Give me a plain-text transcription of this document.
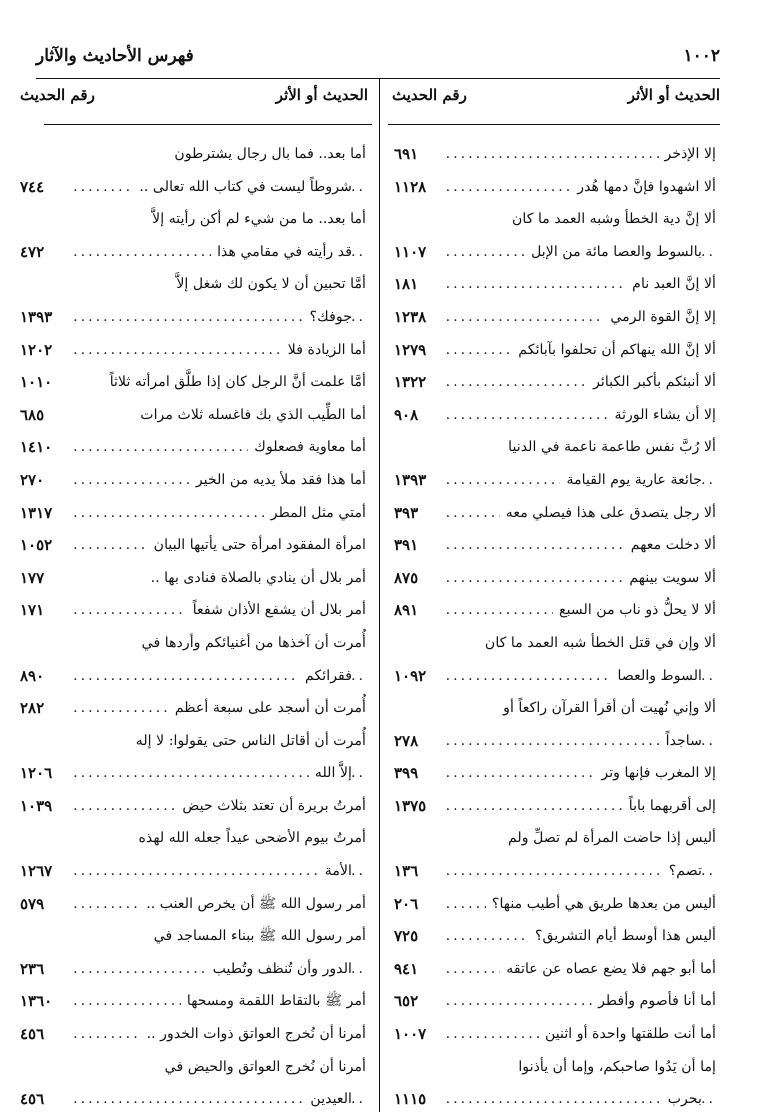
١٠٠٢
فهرس الأحاديث والآثار
الحديث أو الأثر
رقم الحديث
الحديث أو الأثر
رقم الحديث
.....
إلا الإذخر
٦٩١
.....
ألا اشهدوا فإنَّ دمها هُدر
١١٢٨
ألا إنَّ دية الخطأ وشبه العمد ما كان
.....
بالسوط والعصا مائة من الإبل
١١٠٧
.....
ألا إنَّ العبد نام
١٨١
.....
إلا إنَّ القوة الرمي
١٢٣٨
.....
ألا إنَّ الله ينهاكم أن تحلفوا بآبائكم
١٢٧٩
.....
ألا أنبئكم بأكبر الكبائر
١٣٢٢
.....
إلا أن يشاء الورثة
٩٠٨
ألا رُبَّ نفس طاعمة ناعمة في الدنيا
.....
جائعة عارية يوم القيامة
١٣٩٣
.....
ألا رجل يتصدق على هذا فيصلي معه
٣٩٣
.....
ألا دخلت معهم
٣٩١
.....
ألا سويت بينهم
٨٧٥
.....
ألا لا يحلُّ ذو ناب من السبع
٨٩١
ألا وإن في قتل الخطأ شبه العمد ما كان
.....
السوط والعصا
١٠٩٢
ألا وإني نُهيت أن أقرأ القرآن راكعاً أو
.....
ساجداً
٢٧٨
.....
إلا المغرب فإنها وتر
٣٩٩
.....
إلى أقربهما باباً
١٣٧٥
أليس إذا حاضت المرأة لم تصلِّ ولم
.....
تصم؟
١٣٦
.....
أليس من بعدها طريق هي أطيب منها؟
٢٠٦
.....
أليس هذا أوسط أيام التشريق؟
٧٢٥
.....
أما أبو جهم فلا يضع عصاه عن عاتقه
٩٤١
.....
أما أنا فأصوم وأفطر
٦٥٢
.....
أما أنت طلقتها واحدة أو اثنين
١٠٠٧
إما أن يَدُوا صاحبكم، وإما أن يأذنوا
.....
بحرب
١١١٥
أما بعد.. فما بال رجال يشترطون
.....
شروطاً ليست في كتاب الله تعالى ..
٧٤٤
أما بعد.. ما من شيء لم أكن رأيته إلاَّ
.....
قد رأيته في مقامي هذا
٤٧٢
أمَّا تحبين أن لا يكون لك شغل إلاَّ
.....
جوفك؟
١٣٩٣
.....
أما الزيادة فلا
١٢٠٢
أمَّا علمت أنَّ الرجل كان إذا طلَّق امرأته ثلاثاً
١٠١٠
أما الطِّيب الذي بك فاغسله ثلاث مرات
٦٨٥
.....
أما معاوية فصعلوك
١٤١٠
.....
أما هذا فقد ملأ يديه من الخير
٢٧٠
.....
أمتي مثل المطر
١٣١٧
.....
امرأة المفقود امرأة حتى يأتيها البيان
١٠٥٢
أمر بلال أن ينادي بالصلاة فنادى بها ..
١٧٧
.....
أمر بلال أن يشفع الأذان شفعاً
١٧١
أُمرت أن آخذها من أغنيائكم وأردها في
.....
فقرائكم
٨٩٠
.....
أُمرت أن أسجد على سبعة أعظم
٢٨٢
أُمرت أن أقاتل الناس حتى يقولوا: لا إله
.....
إلاَّ الله
١٢٠٦
.....
أمرتُ بريرة أن تعتد بثلاث حيض
١٠٣٩
أمرتُ بيوم الأضحى عيداً جعله الله لهذه
.....
الأمة
١٢٦٧
.....
أمر رسول الله ﷺ أن يخرص العنب ..
٥٧٩
أمر رسول الله ﷺ ببناء المساجد في
.....
الدور وأن تُنظف وتُطيب
٢٣٦
.....
أمر ﷺ بالتقاط اللقمة ومسحها
١٣٦٠
.....
أمرنا أن نُخرج العواتق ذوات الخدور ..
٤٥٦
أمرنا أن نُخرج العواتق والحيض في
.....
العيدين
٤٥٦
